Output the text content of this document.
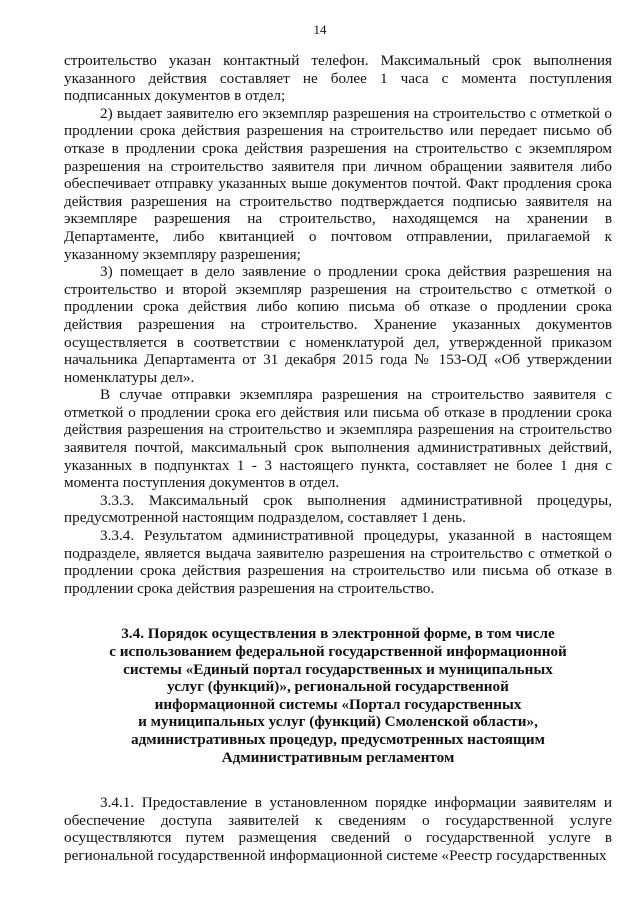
14

строительство указан контактный телефон. Максимальный срок выполнения указанного действия составляет не более 1 часа с момента поступления подписанных документов в отдел;

2) выдает заявителю его экземпляр разрешения на строительство с отметкой о продлении срока действия разрешения на строительство или передает письмо об отказе в продлении срока действия разрешения на строительство с экземпляром разрешения на строительство заявителя при личном обращении заявителя либо обеспечивает отправку указанных выше документов почтой. Факт продления срока действия разрешения на строительство подтверждается подписью заявителя на экземпляре разрешения на строительство, находящемся на хранении в Департаменте, либо квитанцией о почтовом отправлении, прилагаемой к указанному экземпляру разрешения;

3) помещает в дело заявление о продлении срока действия разрешения на строительство и второй экземпляр разрешения на строительство с отметкой о продлении срока действия либо копию письма об отказе о продлении срока действия разрешения на строительство. Хранение указанных документов осуществляется в соответствии с номенклатурой дел, утвержденной приказом начальника Департамента от 31 декабря 2015 года № 153-ОД «Об утверждении номенклатуры дел».

В случае отправки экземпляра разрешения на строительство заявителя с отметкой о продлении срока его действия или письма об отказе в продлении срока действия разрешения на строительство и экземпляра разрешения на строительство заявителя почтой, максимальный срок выполнения административных действий, указанных в подпунктах 1 - 3 настоящего пункта, составляет не более 1 дня с момента поступления документов в отдел.

3.3.3. Максимальный срок выполнения административной процедуры, предусмотренной настоящим подразделом, составляет 1 день.

3.3.4. Результатом административной процедуры, указанной в настоящем подразделе, является выдача заявителю разрешения на строительство с отметкой о продлении срока действия разрешения на строительство или письма об отказе в продлении срока действия разрешения на строительство.

3.4. Порядок осуществления в электронной форме, в том числе
с использованием федеральной государственной информационной
системы «Единый портал государственных и муниципальных
услуг (функций)», региональной государственной
информационной системы «Портал государственных
и муниципальных услуг (функций) Смоленской области»,
административных процедур, предусмотренных настоящим
Административным регламентом

3.4.1. Предоставление в установленном порядке информации заявителям и обеспечение доступа заявителей к сведениям о государственной услуге осуществляются путем размещения сведений о государственной услуге в региональной государственной информационной системе «Реестр государственных
